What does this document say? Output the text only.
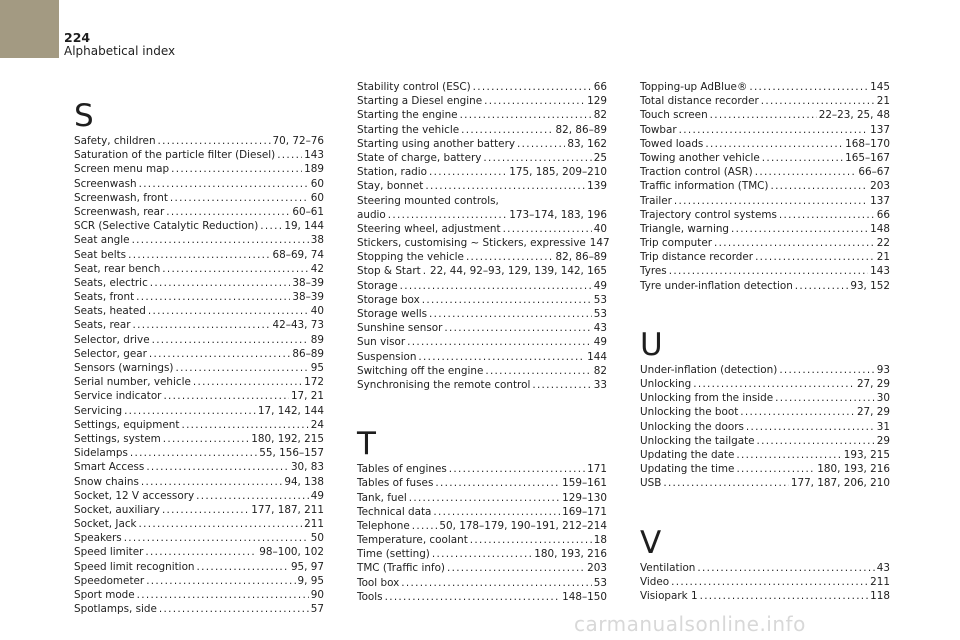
224
Alphabetical index
S
Safety, children . . .	70, 72–76
Saturation of the particle filter (Diesel) . . .	143
Screen menu map . . .	189
Screenwash . . .	60
Screenwash, front . . .	60
Screenwash, rear . . .	60–61
SCR (Selective Catalytic Reduction) . . .	19, 144
Seat angle . . .	38
Seat belts . . .	68–69, 74
Seat, rear bench . . .	42
Seats, electric . . .	38–39
Seats, front . . .	38–39
Seats, heated . . .	40
Seats, rear . . .	42–43, 73
Selector, drive . . .	89
Selector, gear . . .	86–89
Sensors (warnings) . . .	95
Serial number, vehicle . . .	172
Service indicator . . .	17, 21
Servicing . . .	17, 142, 144
Settings, equipment . . .	24
Settings, system . . .	180, 192, 215
Sidelamps . . .	55, 156–157
Smart Access . . .	30, 83
Snow chains . . .	94, 138
Socket, 12 V accessory . . .	49
Socket, auxiliary . . .	177, 187, 211
Socket, Jack . . .	211
Speakers . . .	50
Speed limiter . . .	98–100, 102
Speed limit recognition . . .	95, 97
Speedometer . . .	9, 95
Sport mode . . .	90
Spotlamps, side . . .	57
Stability control (ESC) . . .	66
Starting a Diesel engine . . .	129
Starting the engine . . .	82
Starting the vehicle . . .	82, 86–89
Starting using another battery . . .	83, 162
State of charge, battery . . .	25
Station, radio . . .	175, 185, 209–210
Stay, bonnet . . .	139
Steering mounted controls,
audio . . .	173–174, 183, 196
Steering wheel, adjustment . . .	40
Stickers, customising ~ Stickers, expressive 147
Stopping the vehicle . . .	82, 86–89
Stop & Start . . . 22, 44, 92–93, 129, 139, 142, 165
Storage . . .	49
Storage box . . .	53
Storage wells . . .	53
Sunshine sensor . . .	43
Sun visor . . .	49
Suspension . . .	144
Switching off the engine . . .	82
Synchronising the remote control . . .	33
T
Tables of engines . . .	171
Tables of fuses . . .	159–161
Tank, fuel . . .	129–130
Technical data . . .	169–171
Telephone . . .	50, 178–179, 190–191, 212–214
Temperature, coolant . . .	18
Time (setting) . . .	180, 193, 216
TMC (Traffic info) . . .	203
Tool box . . .	53
Tools . . .	148–150
Topping-up AdBlue® . . .	145
Total distance recorder . . .	21
Touch screen . . .	22–23, 25, 48
Towbar . . .	137
Towed loads . . .	168–170
Towing another vehicle . . .	165–167
Traction control (ASR) . . .	66–67
Traffic information (TMC) . . .	203
Trailer . . .	137
Trajectory control systems . . .	66
Triangle, warning . . .	148
Trip computer . . .	22
Trip distance recorder . . .	21
Tyres . . .	143
Tyre under-inflation detection . . .	93, 152
U
Under-inflation (detection) . . .	93
Unlocking . . .	27, 29
Unlocking from the inside . . .	30
Unlocking the boot . . .	27, 29
Unlocking the doors . . .	31
Unlocking the tailgate . . .	29
Updating the date . . .	193, 215
Updating the time . . .	180, 193, 216
USB . . .	177, 187, 206, 210
V
Ventilation . . .	43
Video . . .	211
Visiopark 1 . . .	118
carmanualsonline.info
